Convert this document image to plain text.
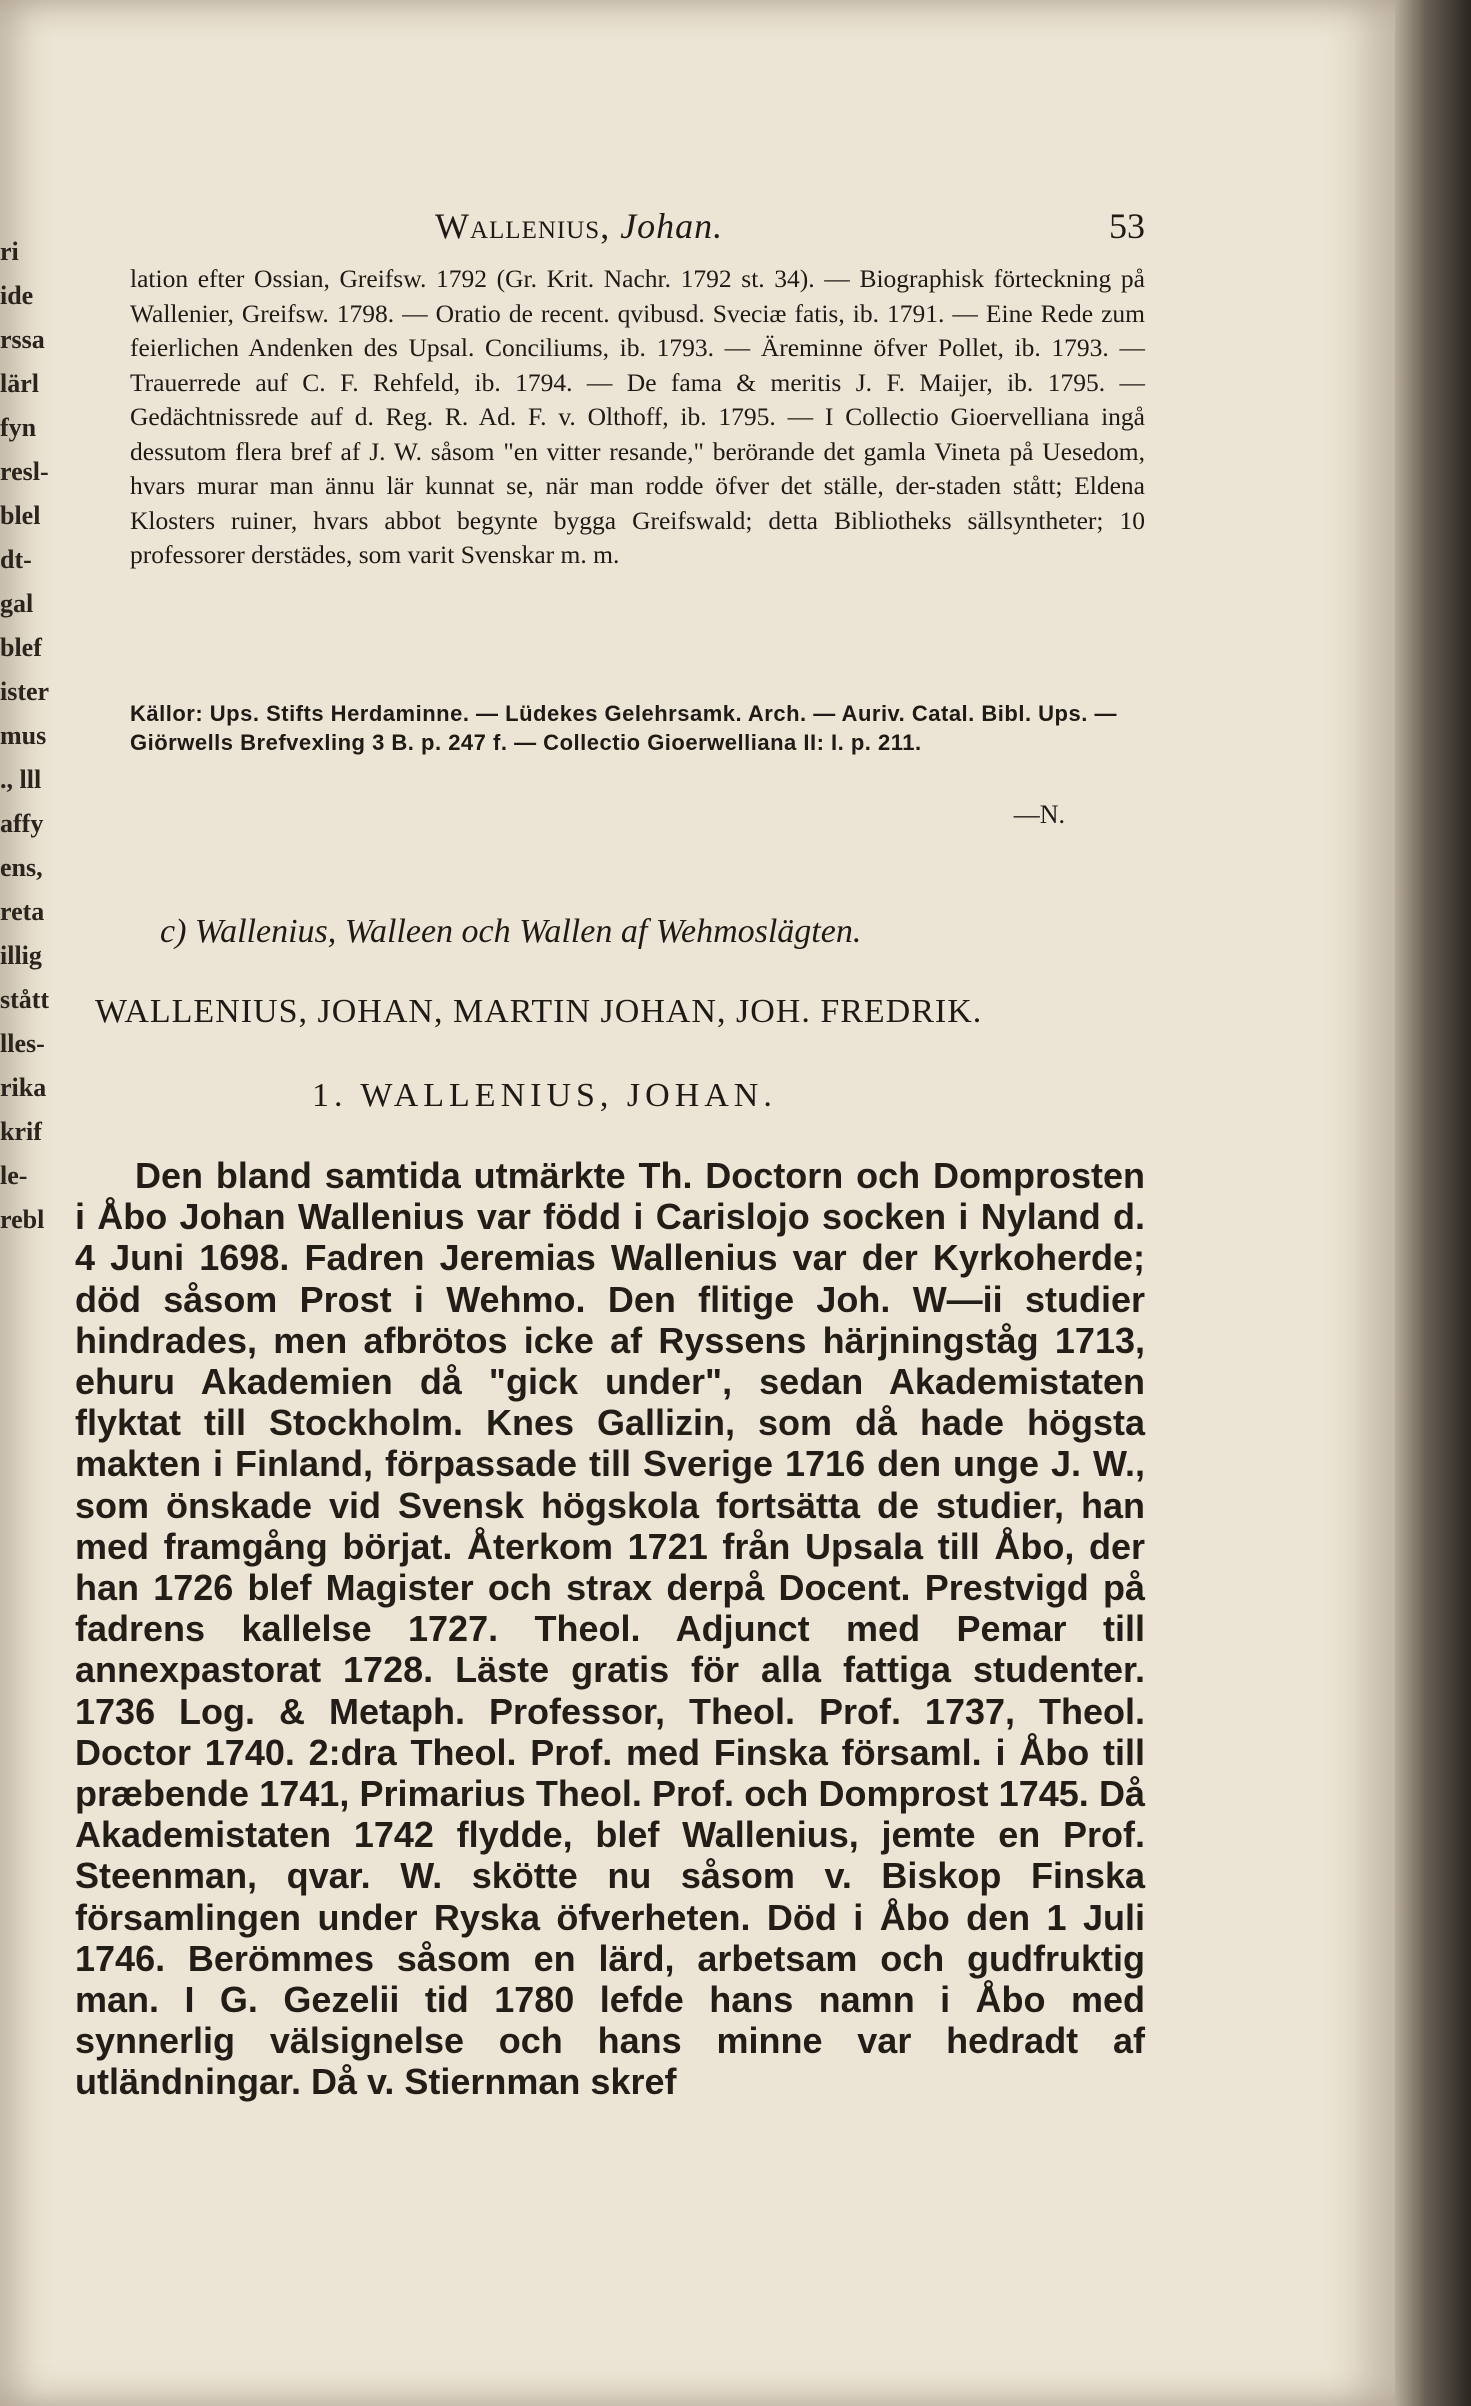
ri
ide
rssa
lärl
fyn
resl-
blel
dt-
gal
blef
ister
mus
., lll
affy
ens,
reta
illig
stått
lles-
rika
krif
le-
rebl
Wallenius, Johan.	53

lation efter Ossian, Greifsw. 1792 (Gr. Krit. Nachr. 1792 st. 34). — Biographisk förteckning på Wallenier, Greifsw. 1798. — Oratio de recent. qvibusd. Sveciæ fatis, ib. 1791. — Eine Rede zum feierlichen Andenken des Upsal. Conciliums, ib. 1793. — Äreminne öfver Pollet, ib. 1793. — Trauerrede auf C. F. Rehfeld, ib. 1794. — De fama & meritis J. F. Maijer, ib. 1795. — Gedächtnissrede auf d. Reg. R. Ad. F. v. Olthoff, ib. 1795. — I Collectio Gioervelliana ingå dessutom flera bref af J. W. såsom "en vitter resande," berörande det gamla Vineta på Uesedom, hvars murar man ännu lär kunnat se, när man rodde öfver det ställe, der-staden stått; Eldena Klosters ruiner, hvars abbot begynte bygga Greifswald; detta Bibliotheks sällsyntheter; 10 professorer derstädes, som varit Svenskar m. m.

Källor: Ups. Stifts Herdaminne. — Lüdekes Gelehrsamk. Arch. — Auriv. Catal. Bibl. Ups. — Giörwells Brefvexling 3 B. p. 247 f. — Collectio Gioerwelliana II: I. p. 211.

—N.
c) Wallenius, Walleen och Wallen af Wehmoslägten.
WALLENIUS, JOHAN, MARTIN JOHAN, JOH. FREDRIK.
1. WALLENIUS, JOHAN.

Den bland samtida utmärkte Th. Doctorn och Domprosten i Åbo Johan Wallenius var född i Carislojo socken i Nyland d. 4 Juni 1698. Fadren Jeremias Wallenius var der Kyrkoherde; död såsom Prost i Wehmo. Den flitige Joh. W—ii studier hindrades, men afbrötos icke af Ryssens härjningståg 1713, ehuru Akademien då "gick under", sedan Akademistaten flyktat till Stockholm. Knes Gallizin, som då hade högsta makten i Finland, förpassade till Sverige 1716 den unge J. W., som önskade vid Svensk högskola fortsätta de studier, han med framgång börjat. Återkom 1721 från Upsala till Åbo, der han 1726 blef Magister och strax derpå Docent. Prestvigd på fadrens kallelse 1727. Theol. Adjunct med Pemar till annexpastorat 1728. Läste gratis för alla fattiga studenter. 1736 Log. & Metaph. Professor, Theol. Prof. 1737, Theol. Doctor 1740. 2:dra Theol. Prof. med Finska församl. i Åbo till præbende 1741, Primarius Theol. Prof. och Domprost 1745. Då Akademistaten 1742 flydde, blef Wallenius, jemte en Prof. Steenman, qvar. W. skötte nu såsom v. Biskop Finska församlingen under Ryska öfverheten. Död i Åbo den 1 Juli 1746. Berömmes såsom en lärd, arbetsam och gudfruktig man. I G. Gezelii tid 1780 lefde hans namn i Åbo med synnerlig välsignelse och hans minne var hedradt af utländningar. Då v. Stiernman skref
